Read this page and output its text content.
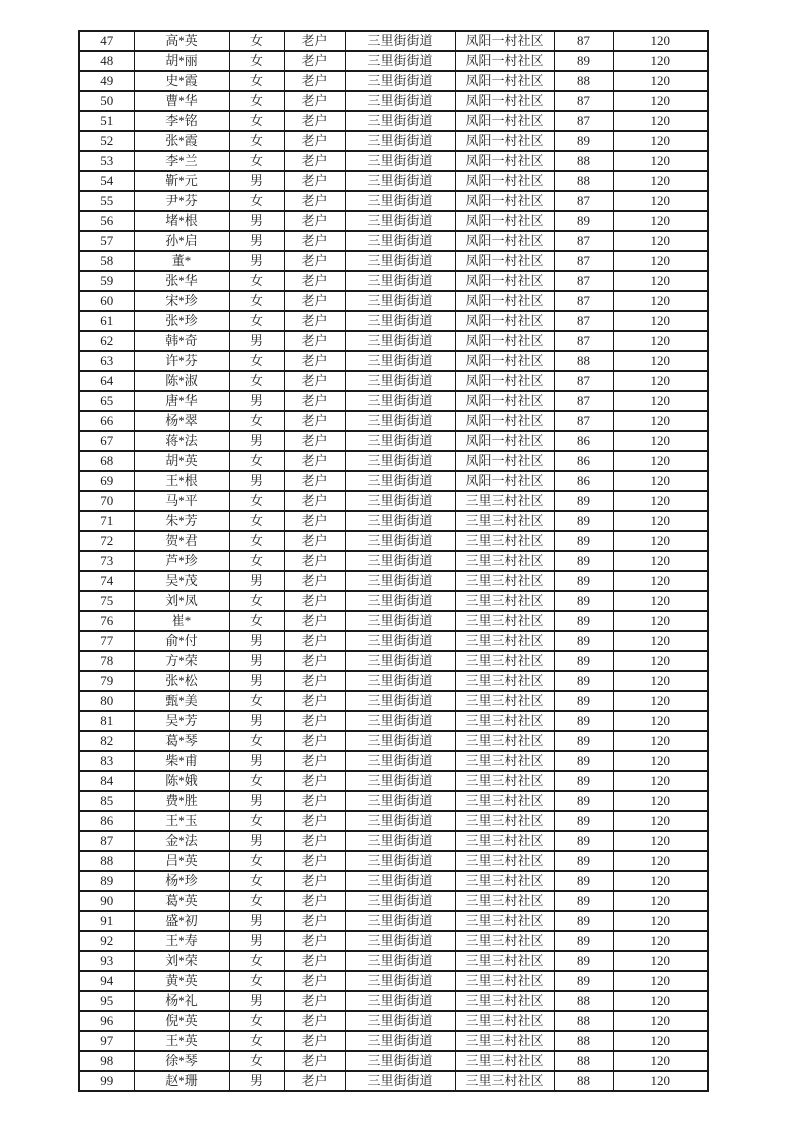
47	高*英	女	老户	三里街街道	凤阳一村社区	87	120
48	胡*丽	女	老户	三里街街道	凤阳一村社区	89	120
49	史*霞	女	老户	三里街街道	凤阳一村社区	88	120
50	曹*华	女	老户	三里街街道	凤阳一村社区	87	120
51	李*铭	女	老户	三里街街道	凤阳一村社区	87	120
52	张*霞	女	老户	三里街街道	凤阳一村社区	89	120
53	李*兰	女	老户	三里街街道	凤阳一村社区	88	120
54	靳*元	男	老户	三里街街道	凤阳一村社区	88	120
55	尹*芬	女	老户	三里街街道	凤阳一村社区	87	120
56	堵*根	男	老户	三里街街道	凤阳一村社区	89	120
57	孙*启	男	老户	三里街街道	凤阳一村社区	87	120
58	董*	男	老户	三里街街道	凤阳一村社区	87	120
59	张*华	女	老户	三里街街道	凤阳一村社区	87	120
60	宋*珍	女	老户	三里街街道	凤阳一村社区	87	120
61	张*珍	女	老户	三里街街道	凤阳一村社区	87	120
62	韩*奇	男	老户	三里街街道	凤阳一村社区	87	120
63	许*芬	女	老户	三里街街道	凤阳一村社区	88	120
64	陈*淑	女	老户	三里街街道	凤阳一村社区	87	120
65	唐*华	男	老户	三里街街道	凤阳一村社区	87	120
66	杨*翠	女	老户	三里街街道	凤阳一村社区	87	120
67	蒋*法	男	老户	三里街街道	凤阳一村社区	86	120
68	胡*英	女	老户	三里街街道	凤阳一村社区	86	120
69	王*根	男	老户	三里街街道	凤阳一村社区	86	120
70	马*平	女	老户	三里街街道	三里三村社区	89	120
71	朱*芳	女	老户	三里街街道	三里三村社区	89	120
72	贺*君	女	老户	三里街街道	三里三村社区	89	120
73	芦*珍	女	老户	三里街街道	三里三村社区	89	120
74	吴*茂	男	老户	三里街街道	三里三村社区	89	120
75	刘*凤	女	老户	三里街街道	三里三村社区	89	120
76	崔*	女	老户	三里街街道	三里三村社区	89	120
77	俞*付	男	老户	三里街街道	三里三村社区	89	120
78	方*荣	男	老户	三里街街道	三里三村社区	89	120
79	张*松	男	老户	三里街街道	三里三村社区	89	120
80	甄*美	女	老户	三里街街道	三里三村社区	89	120
81	吴*芳	男	老户	三里街街道	三里三村社区	89	120
82	葛*琴	女	老户	三里街街道	三里三村社区	89	120
83	柴*甫	男	老户	三里街街道	三里三村社区	89	120
84	陈*娥	女	老户	三里街街道	三里三村社区	89	120
85	费*胜	男	老户	三里街街道	三里三村社区	89	120
86	王*玉	女	老户	三里街街道	三里三村社区	89	120
87	金*法	男	老户	三里街街道	三里三村社区	89	120
88	吕*英	女	老户	三里街街道	三里三村社区	89	120
89	杨*珍	女	老户	三里街街道	三里三村社区	89	120
90	葛*英	女	老户	三里街街道	三里三村社区	89	120
91	盛*初	男	老户	三里街街道	三里三村社区	89	120
92	王*寿	男	老户	三里街街道	三里三村社区	89	120
93	刘*荣	女	老户	三里街街道	三里三村社区	89	120
94	黄*英	女	老户	三里街街道	三里三村社区	89	120
95	杨*礼	男	老户	三里街街道	三里三村社区	88	120
96	倪*英	女	老户	三里街街道	三里三村社区	88	120
97	王*英	女	老户	三里街街道	三里三村社区	88	120
98	徐*琴	女	老户	三里街街道	三里三村社区	88	120
99	赵*珊	男	老户	三里街街道	三里三村社区	88	120
